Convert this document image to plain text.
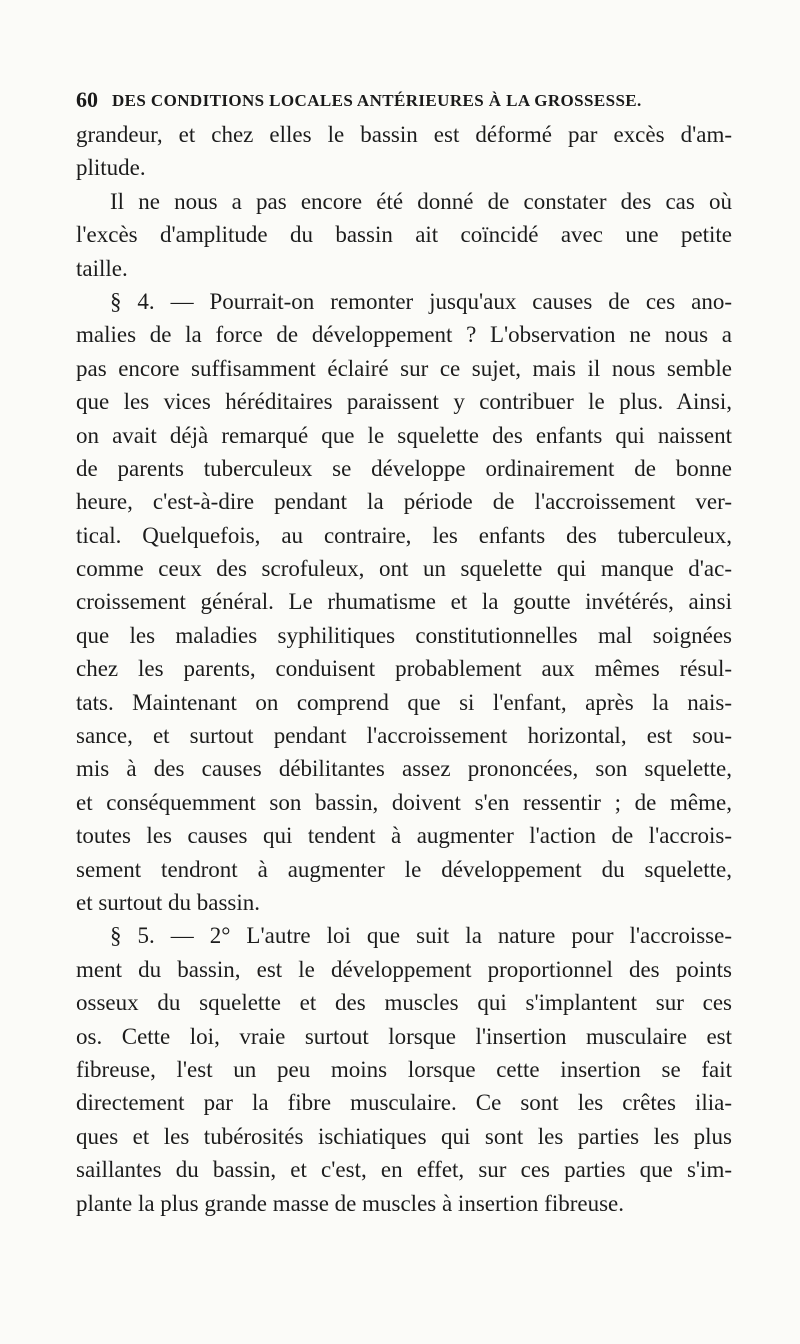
60 DES CONDITIONS LOCALES ANTÉRIEURES À LA GROSSESSE.
grandeur, et chez elles le bassin est déformé par excès d'am-
plitude.
Il ne nous a pas encore été donné de constater des cas où
l'excès d'amplitude du bassin ait coïncidé avec une petite
taille.
§ 4. — Pourrait-on remonter jusqu'aux causes de ces ano-
malies de la force de développement ? L'observation ne nous a
pas encore suffisamment éclairé sur ce sujet, mais il nous semble
que les vices héréditaires paraissent y contribuer le plus. Ainsi,
on avait déjà remarqué que le squelette des enfants qui naissent
de parents tuberculeux se développe ordinairement de bonne
heure, c'est-à-dire pendant la période de l'accroissement ver-
tical. Quelquefois, au contraire, les enfants des tuberculeux,
comme ceux des scrofuleux, ont un squelette qui manque d'ac-
croissement général. Le rhumatisme et la goutte invétérés, ainsi
que les maladies syphilitiques constitutionnelles mal soignées
chez les parents, conduisent probablement aux mêmes résul-
tats. Maintenant on comprend que si l'enfant, après la nais-
sance, et surtout pendant l'accroissement horizontal, est sou-
mis à des causes débilitantes assez prononcées, son squelette,
et conséquemment son bassin, doivent s'en ressentir ; de même,
toutes les causes qui tendent à augmenter l'action de l'accrois-
sement tendront à augmenter le développement du squelette,
et surtout du bassin.
§ 5. — 2° L'autre loi que suit la nature pour l'accroisse-
ment du bassin, est le développement proportionnel des points
osseux du squelette et des muscles qui s'implantent sur ces
os. Cette loi, vraie surtout lorsque l'insertion musculaire est
fibreuse, l'est un peu moins lorsque cette insertion se fait
directement par la fibre musculaire. Ce sont les crêtes ilia-
ques et les tubérosités ischiatiques qui sont les parties les plus
saillantes du bassin, et c'est, en effet, sur ces parties que s'im-
plante la plus grande masse de muscles à insertion fibreuse.
